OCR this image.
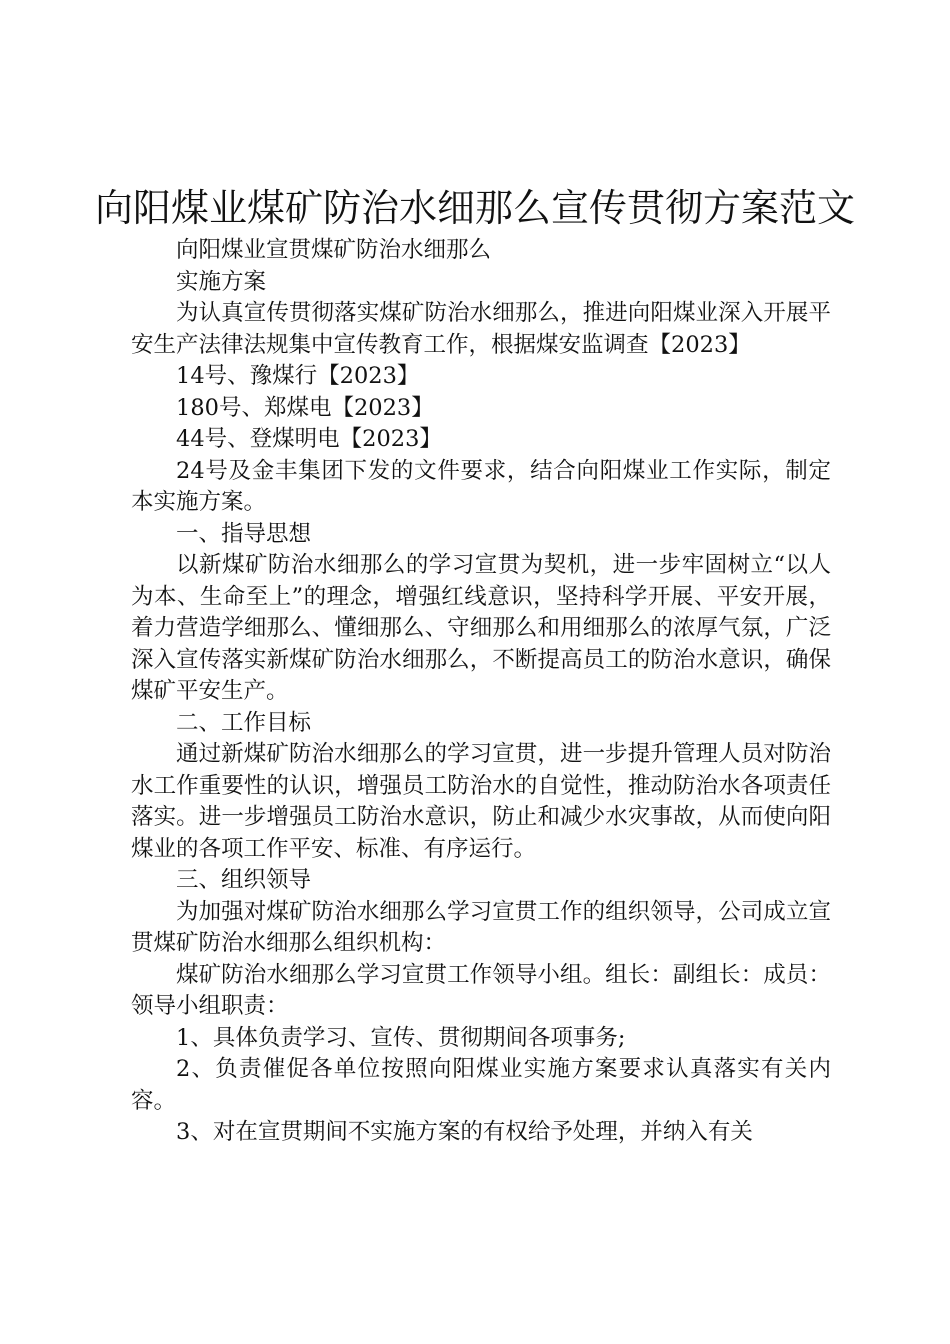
向阳煤业煤矿防治水细那么宣传贯彻方案范文

向阳煤业宣贯煤矿防治水细那么

实施方案

为认真宣传贯彻落实煤矿防治水细那么，推进向阳煤业深入开展平安生产法律法规集中宣传教育工作，根据煤安监调查【2023】

14号、豫煤行【2023】

180号、郑煤电【2023】

44号、登煤明电【2023】

24号及金丰集团下发的文件要求，结合向阳煤业工作实际，制定本实施方案。

一、指导思想

以新煤矿防治水细那么的学习宣贯为契机，进一步牢固树立“以人为本、生命至上”的理念，增强红线意识，坚持科学开展、平安开展，着力营造学细那么、懂细那么、守细那么和用细那么的浓厚气氛，广泛深入宣传落实新煤矿防治水细那么，不断提高员工的防治水意识，确保煤矿平安生产。

二、工作目标

通过新煤矿防治水细那么的学习宣贯，进一步提升管理人员对防治水工作重要性的认识，增强员工防治水的自觉性，推动防治水各项责任落实。进一步增强员工防治水意识，防止和减少水灾事故，从而使向阳煤业的各项工作平安、标准、有序运行。

三、组织领导

为加强对煤矿防治水细那么学习宣贯工作的组织领导，公司成立宣贯煤矿防治水细那么组织机构：

煤矿防治水细那么学习宣贯工作领导小组。组长：副组长：成员：领导小组职责：

1、具体负责学习、宣传、贯彻期间各项事务;

2、负责催促各单位按照向阳煤业实施方案要求认真落实有关内容。

3、对在宣贯期间不实施方案的有权给予处理，并纳入有关
